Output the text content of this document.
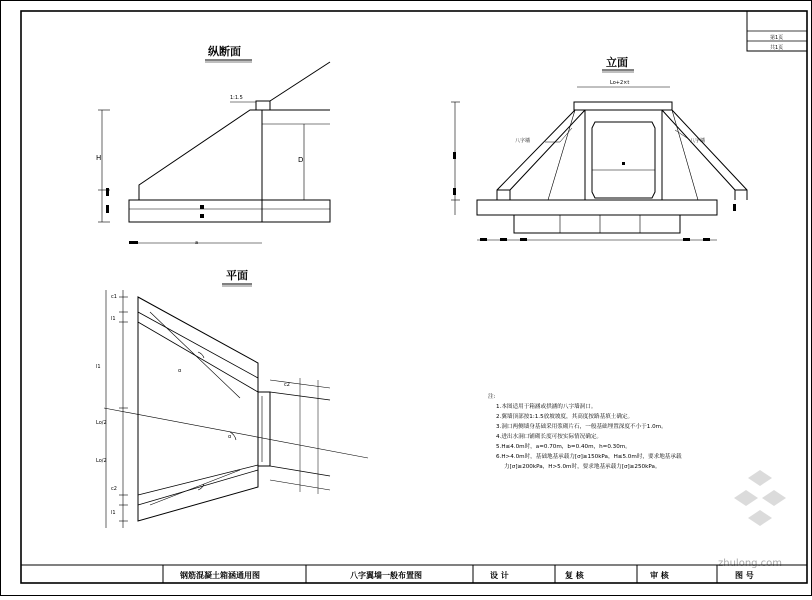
第1页
共1页
纵断面
H	D
a
1:1.5
立面
Lo+2×t
八字墙	八字墙
平面
α
α
c1
l1
l1
Lo/2
Lo/2
c2
l1
c2
注:
1.本图适用于箱涵或拱涵的八字墙洞口。
2.翼墙顶部按1:1.5放坡坡度，其高度按路基填土确定。
3.洞口两侧墙身基础采用浆砌片石，一般基础埋置深度不小于1.0m。
4.进出水洞口铺砌长度可按实际情况确定。
5.H≤4.0m时，a=0.70m，b=0.40m，h=0.30m。
6.H>4.0m时，基础地基承载力[σ]≥150kPa，H≤5.0m时，要求地基承载
力[σ]≥200kPa，H>5.0m时，要求地基承载力[σ]≥250kPa。
zhulong.com
钢筋混凝土箱涵通用图	八字翼墙一般布置图	设 计	复 核	审 核	图 号
